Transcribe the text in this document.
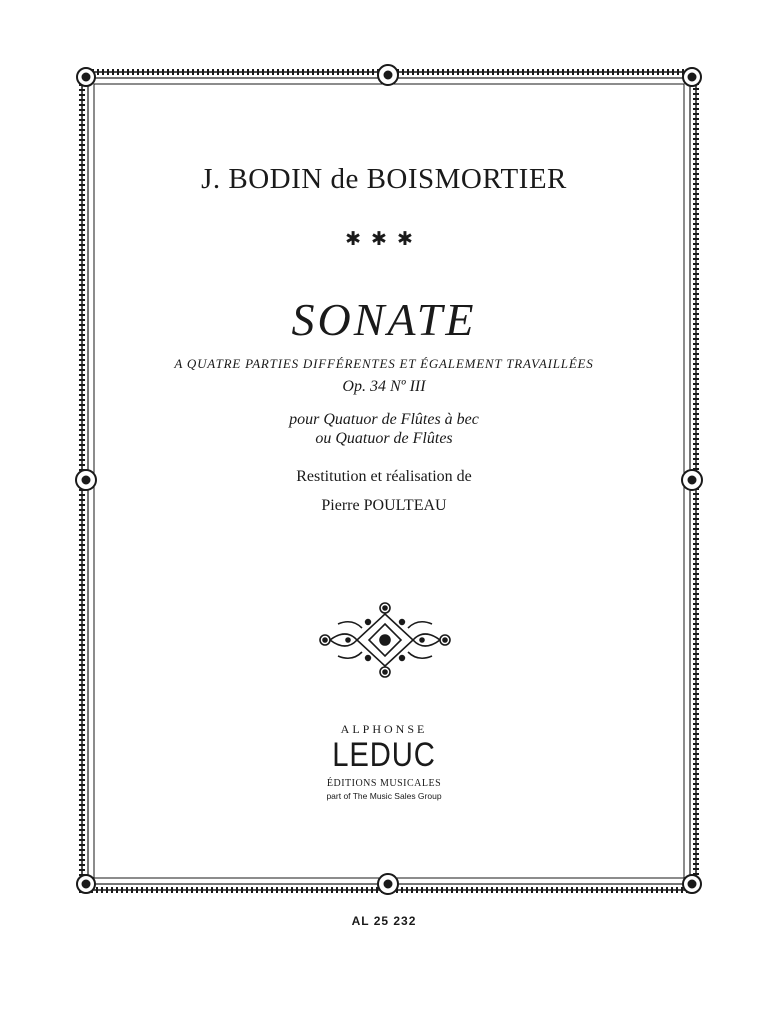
J. BODIN de BOISMORTIER
✱✱✱
SONATE
A QUATRE PARTIES DIFFÉRENTES ET ÉGALEMENT TRAVAILLÉES
Op. 34 Nº III
pour Quatuor de Flûtes à bec
ou Quatuor de Flûtes
Restitution et réalisation de
Pierre POULTEAU
ALPHONSE
LEDUC
ÉDITIONS MUSICALES
part of The Music Sales Group
AL 25 232
